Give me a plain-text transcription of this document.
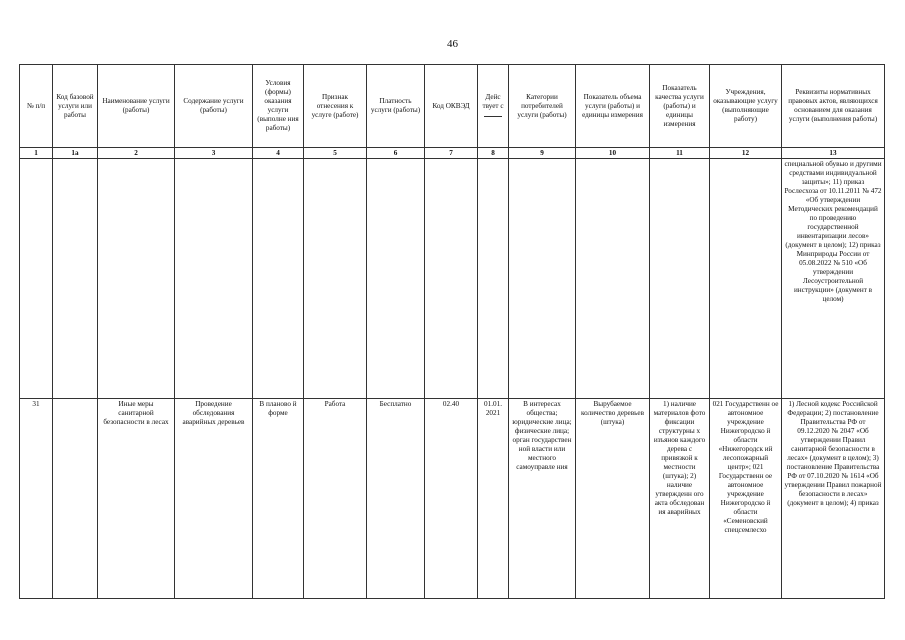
46
№ п/п	Код базовой услуги или работы	Наименование услуги (работы)	Содержание услуги (работы)	Условия (формы) оказания услуги (выполне ния работы)	Признак отнесения к услуге (работе)	Платность услуги (работы)	Код ОКВЭД	Дейс твует с	Категории потребителей услуги (работы)	Показатель объема услуги (работы) и единицы измерения	Показатель качества услуги (работы) и единицы измерения	Учреждения, оказывающие услугу (выполняющие работу)	Реквизиты нормативных правовых актов, являющихся основанием для оказания услуги (выполнения работы)
1	1a	2	3	4	5	6	7	8	9	10	11	12	13
													специальной обувью и другими средствами индивидуальной защиты»; 11) приказ Рослесхоза от 10.11.2011 № 472 «Об утверждении Методических рекомендаций по проведению государственной инвентаризации лесов» (документ в целом); 12) приказ Минприроды России от 05.08.2022 № 510 «Об утверждении Лесоустроительной инструкции» (документ в целом)
31		Иные меры санитарной безопасности в лесах	Проведение обследования аварийных деревьев	В планово й форме	Работа	Бесплатно	02.40	01.01. 2021	В интересах общества; юридические лица; физические лица; орган государствен ной власти или местного самоуправле ния	Вырубаемое количество деревьев (штука)	1) наличие материалов фото фиксации структурны х изъянов каждого дерева с привязкой к местности (штука); 2) наличие утвержденн ого акта обследован ия аварийных	021 Государственн ое автономное учреждение Нижегородско й области «Нижегородск ий лесопожарный центр»; 021 Государственн ое автономное учреждение Нижегородско й области «Семеновский спецсемлесхо	1) Лесной кодекс Российской Федерации; 2) постановление Правительства РФ от 09.12.2020 № 2047 «Об утверждении Правил санитарной безопасности в лесах» (документ в целом); 3) постановление Правительства РФ от 07.10.2020 № 1614 «Об утверждении Правил пожарной безопасности в лесах» (документ в целом); 4) приказ
